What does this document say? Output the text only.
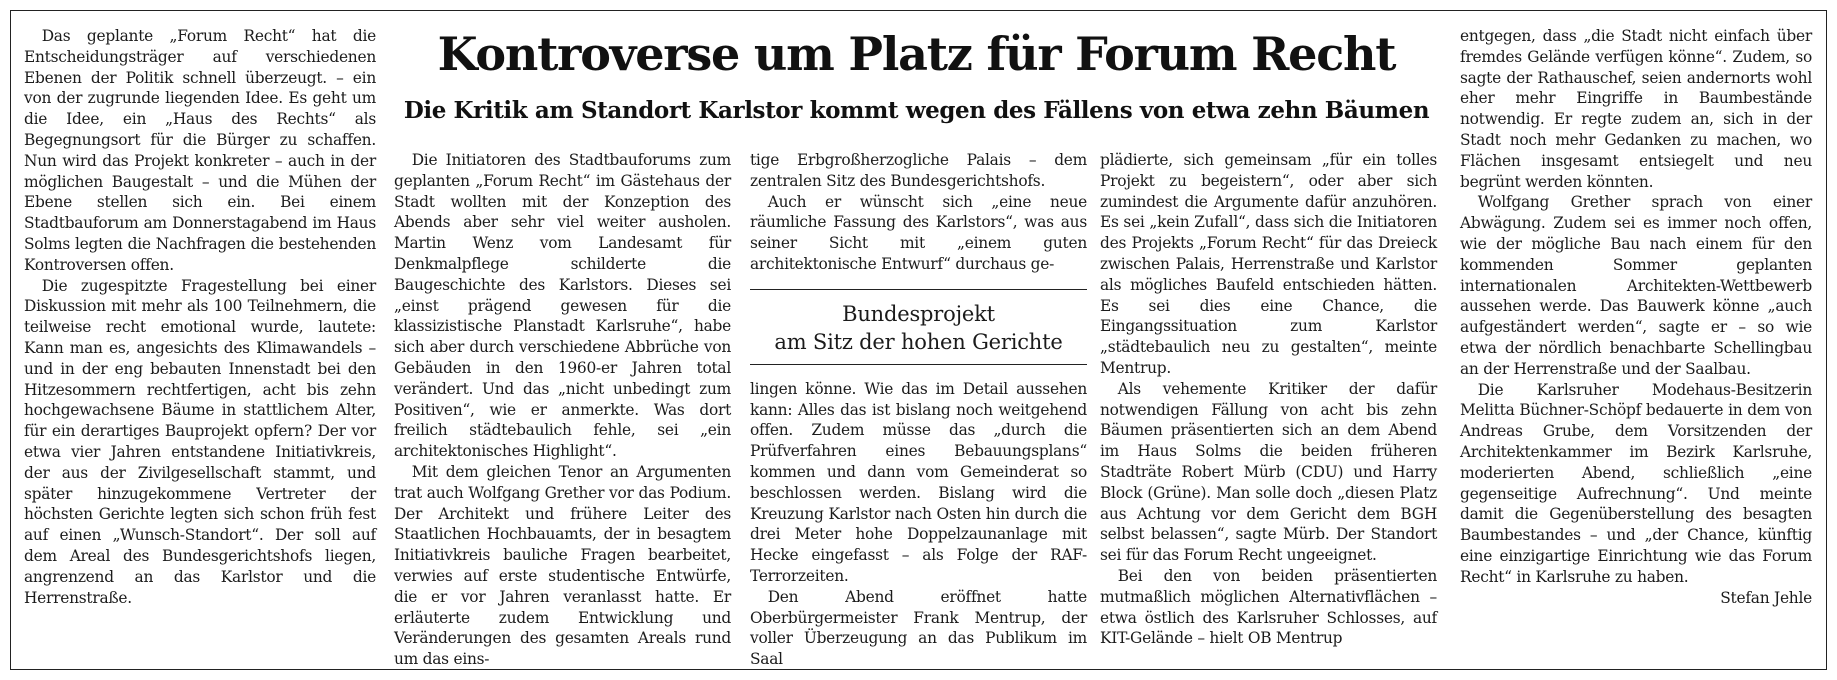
Kontroverse um Platz für Forum Recht
Die Kritik am Standort Karlstor kommt wegen des Fällens von etwa zehn Bäumen

Das geplante „Forum Recht“ hat die Entscheidungsträger auf verschiedenen Ebenen der Politik schnell überzeugt. – ein von der zugrunde liegenden Idee. Es geht um die Idee, ein „Haus des Rechts“ als Begegnungsort für die Bürger zu schaffen. Nun wird das Projekt konkreter – auch in der möglichen Baugestalt – und die Mühen der Ebene stellen sich ein. Bei einem Stadtbauforum am Donnerstagabend im Haus Solms legten die Nachfragen die bestehenden Kontroversen offen.

Die zugespitzte Fragestellung bei einer Diskussion mit mehr als 100 Teilnehmern, die teilweise recht emotional wurde, lautete: Kann man es, angesichts des Klimawandels – und in der eng bebauten Innenstadt bei den Hitzesommern rechtfertigen, acht bis zehn hochgewachsene Bäume in stattlichem Alter, für ein derartiges Bauprojekt opfern? Der vor etwa vier Jahren entstandene Initiativkreis, der aus der Zivilgesellschaft stammt, und später hinzugekommene Vertreter der höchsten Gerichte legten sich schon früh fest auf einen „Wunsch-Standort“. Der soll auf dem Areal des Bundesgerichtshofs liegen, angrenzend an das Karlstor und die Herrenstraße.

Die Initiatoren des Stadtbauforums zum geplanten „Forum Recht“ im Gästehaus der Stadt wollten mit der Konzeption des Abends aber sehr viel weiter ausholen. Martin Wenz vom Landesamt für Denkmalpflege schilderte die Baugeschichte des Karlstors. Dieses sei „einst prägend gewesen für die klassizistische Planstadt Karlsruhe“, habe sich aber durch verschiedene Abbrüche von Gebäuden in den 1960-er Jahren total verändert. Und das „nicht unbedingt zum Positiven“, wie er anmerkte. Was dort freilich städtebaulich fehle, sei „ein architektonisches Highlight“.

Mit dem gleichen Tenor an Argumenten trat auch Wolfgang Grether vor das Podium. Der Architekt und frühere Leiter des Staatlichen Hochbauamts, der in besagtem Initiativkreis bauliche Fragen bearbeitet, verwies auf erste studentische Entwürfe, die er vor Jahren veranlasst hatte. Er erläuterte zudem Entwicklung und Veränderungen des gesamten Areals rund um das eins-

tige Erbgroßherzogliche Palais – dem zentralen Sitz des Bundesgerichtshofs.

Auch er wünscht sich „eine neue räumliche Fassung des Karlstors“, was aus seiner Sicht mit „einem guten architektonische Entwurf“ durchaus ge-

Bundesprojekt
am Sitz der hohen Gerichte

lingen könne. Wie das im Detail aussehen kann: Alles das ist bislang noch weitgehend offen. Zudem müsse das „durch die Prüfverfahren eines Bebauungsplans“ kommen und dann vom Gemeinderat so beschlossen werden. Bislang wird die Kreuzung Karlstor nach Osten hin durch die drei Meter hohe Doppelzaunanlage mit Hecke eingefasst – als Folge der RAF-Terrorzeiten.

Den Abend eröffnet hatte Oberbürgermeister Frank Mentrup, der voller Überzeugung an das Publikum im Saal

plädierte, sich gemeinsam „für ein tolles Projekt zu begeistern“, oder aber sich zumindest die Argumente dafür anzuhören. Es sei „kein Zufall“, dass sich die Initiatoren des Projekts „Forum Recht“ für das Dreieck zwischen Palais, Herrenstraße und Karlstor als mögliches Baufeld entschieden hätten. Es sei dies eine Chance, die Eingangssituation zum Karlstor „städtebaulich neu zu gestalten“, meinte Mentrup.

Als vehemente Kritiker der dafür notwendigen Fällung von acht bis zehn Bäumen präsentierten sich an dem Abend im Haus Solms die beiden früheren Stadträte Robert Mürb (CDU) und Harry Block (Grüne). Man solle doch „diesen Platz aus Achtung vor dem Gericht dem BGH selbst belassen“, sagte Mürb. Der Standort sei für das Forum Recht ungeeignet.

Bei den von beiden präsentierten mutmaßlich möglichen Alternativflächen – etwa östlich des Karlsruher Schlosses, auf KIT-Gelände – hielt OB Mentrup

entgegen, dass „die Stadt nicht einfach über fremdes Gelände verfügen könne“. Zudem, so sagte der Rathauschef, seien andernorts wohl eher mehr Eingriffe in Baumbestände notwendig. Er regte zudem an, sich in der Stadt noch mehr Gedanken zu machen, wo Flächen insgesamt entsiegelt und neu begrünt werden könnten.

Wolfgang Grether sprach von einer Abwägung. Zudem sei es immer noch offen, wie der mögliche Bau nach einem für den kommenden Sommer geplanten internationalen Architekten-Wettbewerb aussehen werde. Das Bauwerk könne „auch aufgeständert werden“, sagte er – so wie etwa der nördlich benachbarte Schellingbau an der Herrenstraße und der Saalbau.

Die Karlsruher Modehaus-Besitzerin Melitta Büchner-Schöpf bedauerte in dem von Andreas Grube, dem Vorsitzenden der Architektenkammer im Bezirk Karlsruhe, moderierten Abend, schließlich „eine gegenseitige Aufrechnung“. Und meinte damit die Gegenüberstellung des besagten Baumbestandes – und „der Chance, künftig eine einzigartige Einrichtung wie das Forum Recht“ in Karlsruhe zu haben.

Stefan Jehle
